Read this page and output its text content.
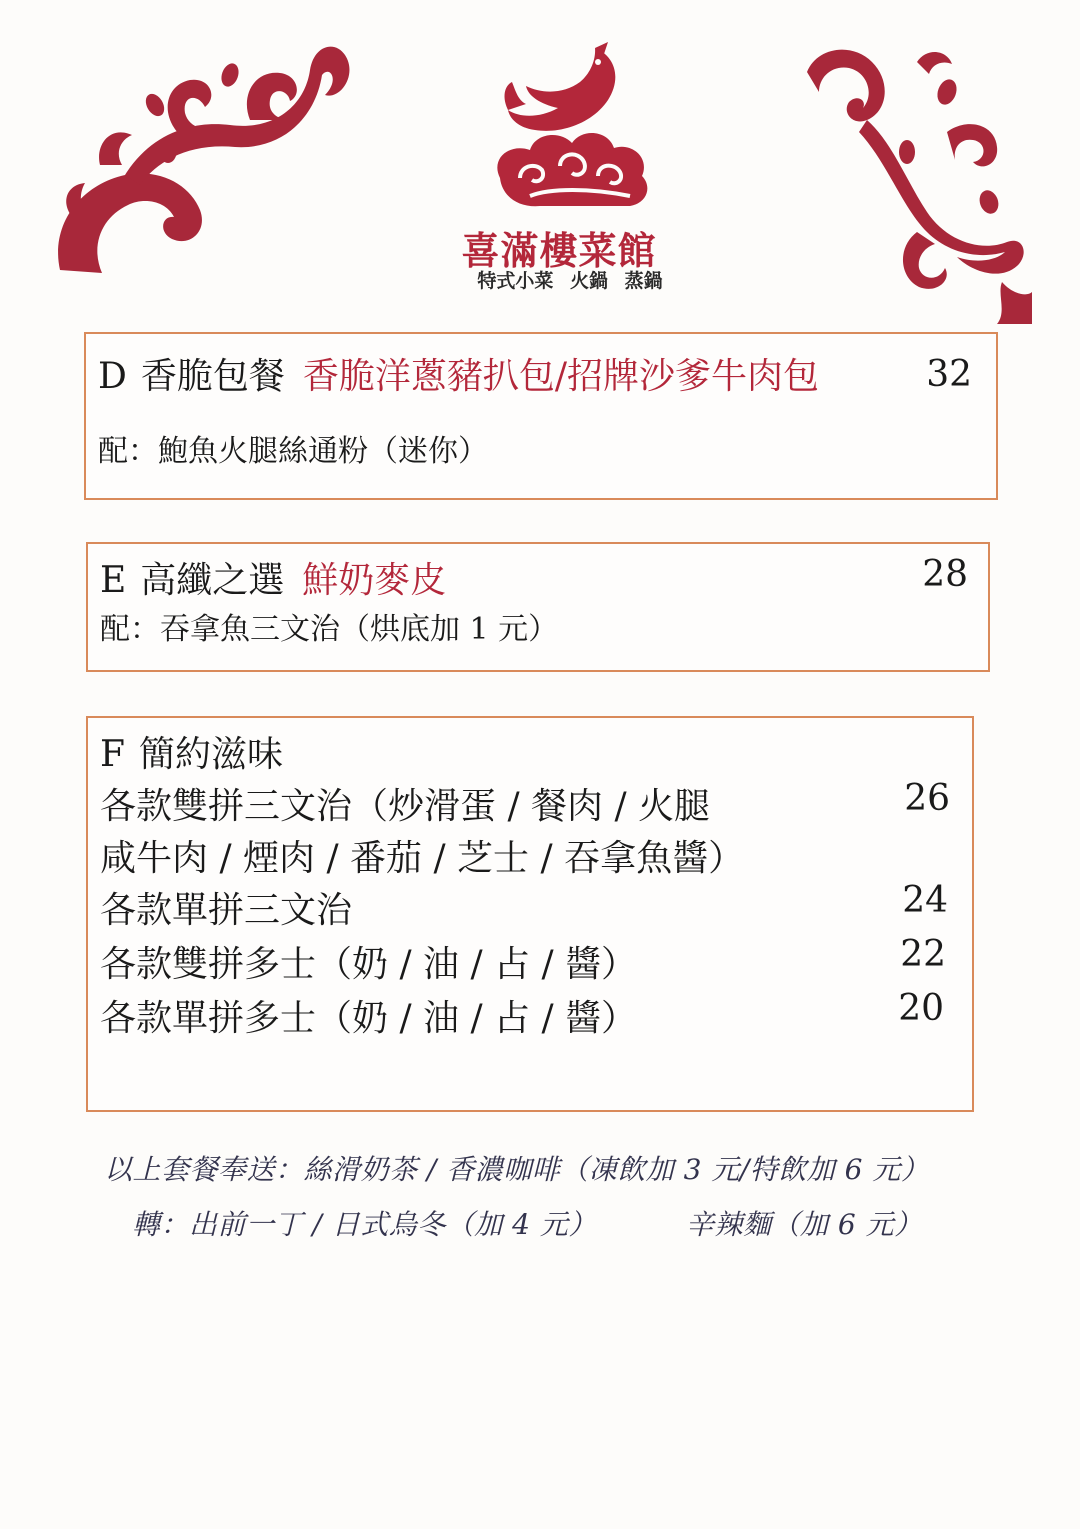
喜滿樓菜館
特式小菜 火鍋 蒸鍋
D 香脆包餐 香脆洋蔥豬扒包/招牌沙爹牛肉包	32
配：鮑魚火腿絲通粉（迷你）
E 高纖之選 鮮奶麥皮	28
配：吞拿魚三文治（烘底加 1 元）
F 簡約滋味
各款雙拼三文治（炒滑蛋 / 餐肉 / 火腿	26
咸牛肉 / 煙肉 / 番茄 / 芝士 / 吞拿魚醬）
各款單拼三文治	24
各款雙拼多士（奶 / 油 / 占 / 醬）	22
各款單拼多士（奶 / 油 / 占 / 醬）	20
以上套餐奉送：絲滑奶茶 / 香濃咖啡（凍飲加 3 元/特飲加 6 元）
轉：出前一丁 / 日式烏冬（加 4 元）	辛辣麵（加 6 元）
